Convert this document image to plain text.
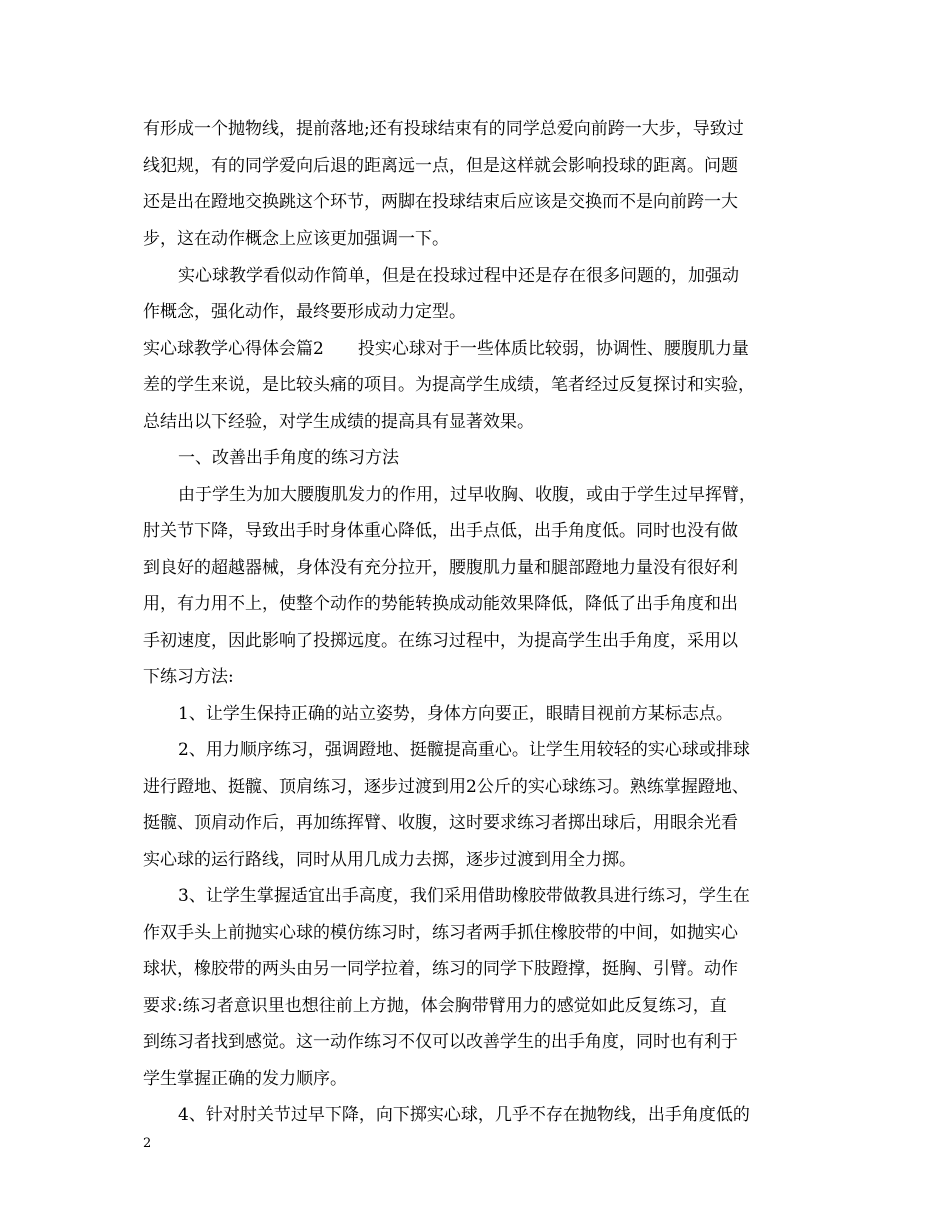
有形成一个抛物线，提前落地;还有投球结束有的同学总爱向前跨一大步，导致过
线犯规，有的同学爱向后退的距离远一点，但是这样就会影响投球的距离。问题
还是出在蹬地交换跳这个环节，两脚在投球结束后应该是交换而不是向前跨一大
步，这在动作概念上应该更加强调一下。
实心球教学看似动作简单，但是在投球过程中还是存在很多问题的，加强动
作概念，强化动作，最终要形成动力定型。
实心球教学心得体会篇2　　投实心球对于一些体质比较弱，协调性、腰腹肌力量
差的学生来说，是比较头痛的项目。为提高学生成绩，笔者经过反复探讨和实验，
总结出以下经验，对学生成绩的提高具有显著效果。
一、改善出手角度的练习方法
由于学生为加大腰腹肌发力的作用，过早收胸、收腹，或由于学生过早挥臂，
肘关节下降，导致出手时身体重心降低，出手点低，出手角度低。同时也没有做
到良好的超越器械，身体没有充分拉开，腰腹肌力量和腿部蹬地力量没有很好利
用，有力用不上，使整个动作的势能转换成动能效果降低，降低了出手角度和出
手初速度，因此影响了投掷远度。在练习过程中，为提高学生出手角度，采用以
下练习方法:
1、让学生保持正确的站立姿势，身体方向要正，眼睛目视前方某标志点。
2、用力顺序练习，强调蹬地、挺髋提高重心。让学生用较轻的实心球或排球
进行蹬地、挺髋、顶肩练习，逐步过渡到用2公斤的实心球练习。熟练掌握蹬地、
挺髋、顶肩动作后，再加练挥臂、收腹，这时要求练习者掷出球后，用眼余光看
实心球的运行路线，同时从用几成力去掷，逐步过渡到用全力掷。
3、让学生掌握适宜出手高度，我们采用借助橡胶带做教具进行练习，学生在
作双手头上前抛实心球的模仿练习时，练习者两手抓住橡胶带的中间，如抛实心
球状，橡胶带的两头由另一同学拉着，练习的同学下肢蹬撑，挺胸、引臂。动作
要求:练习者意识里也想往前上方抛，体会胸带臂用力的感觉如此反复练习，直
到练习者找到感觉。这一动作练习不仅可以改善学生的出手角度，同时也有利于
学生掌握正确的发力顺序。
4、针对肘关节过早下降，向下掷实心球，几乎不存在抛物线，出手角度低的
2
